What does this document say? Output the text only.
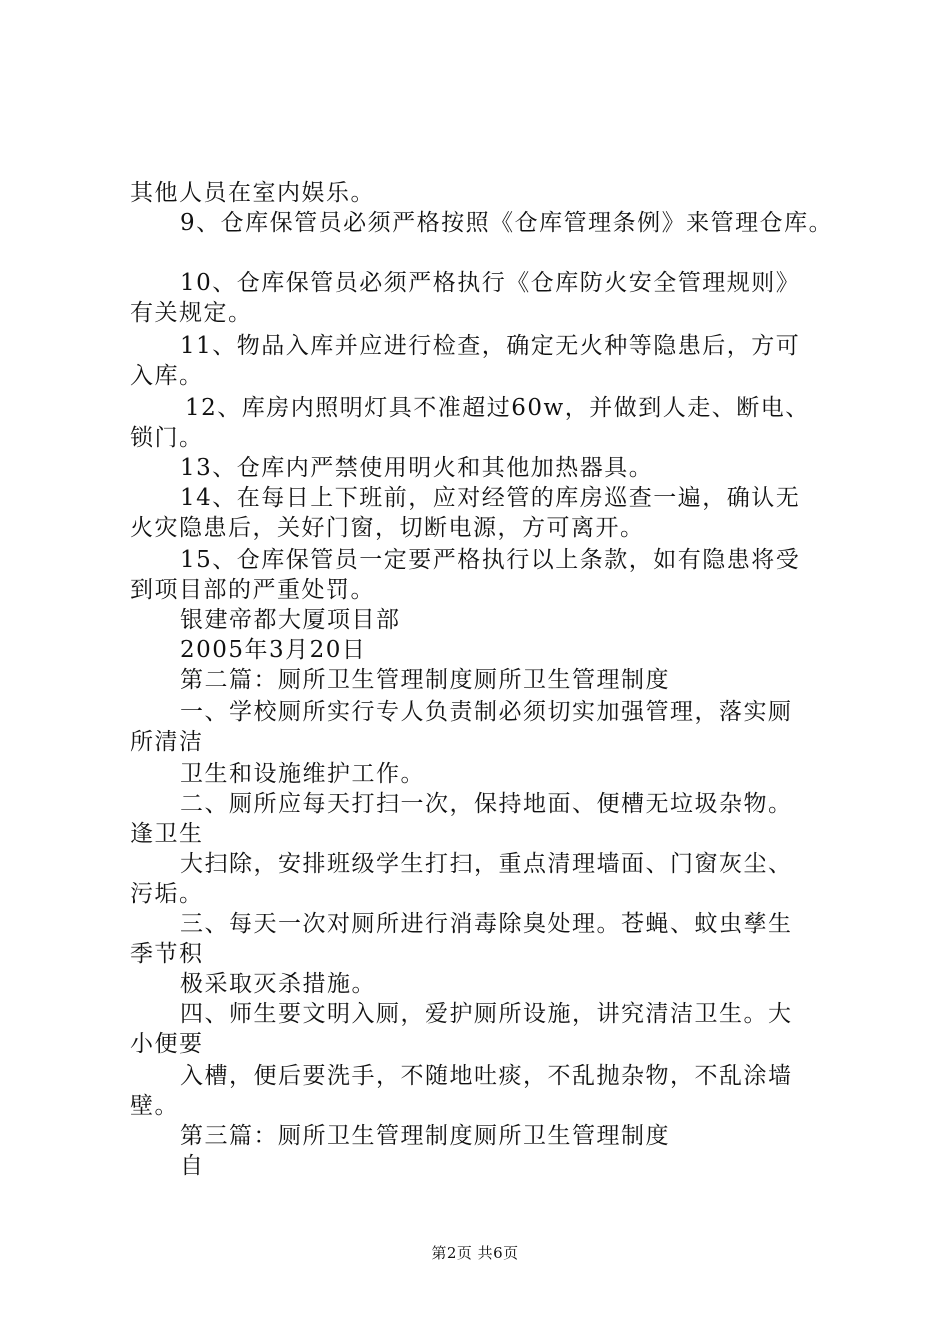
其他人员在室内娱乐。
9、仓库保管员必须严格按照《仓库管理条例》来管理仓库。
10、仓库保管员必须严格执行《仓库防火安全管理规则》
有关规定。
11、物品入库并应进行检查，确定无火种等隐患后，方可
入库。
12、库房内照明灯具不准超过60w，并做到人走、断电、
锁门。
13、仓库内严禁使用明火和其他加热器具。
14、在每日上下班前，应对经管的库房巡查一遍，确认无
火灾隐患后，关好门窗，切断电源，方可离开。
15、仓库保管员一定要严格执行以上条款，如有隐患将受
到项目部的严重处罚。
银建帝都大厦项目部
2005年3月20日
第二篇：厕所卫生管理制度厕所卫生管理制度
一、学校厕所实行专人负责制必须切实加强管理，落实厕
所清洁
卫生和设施维护工作。
二、厕所应每天打扫一次，保持地面、便槽无垃圾杂物。
逢卫生
大扫除，安排班级学生打扫，重点清理墙面、门窗灰尘、
污垢。
三、每天一次对厕所进行消毒除臭处理。苍蝇、蚊虫孳生
季节积
极采取灭杀措施。
四、师生要文明入厕，爱护厕所设施，讲究清洁卫生。大
小便要
入槽，便后要洗手，不随地吐痰，不乱抛杂物，不乱涂墙
壁。
第三篇：厕所卫生管理制度厕所卫生管理制度
自
第2页 共6页
